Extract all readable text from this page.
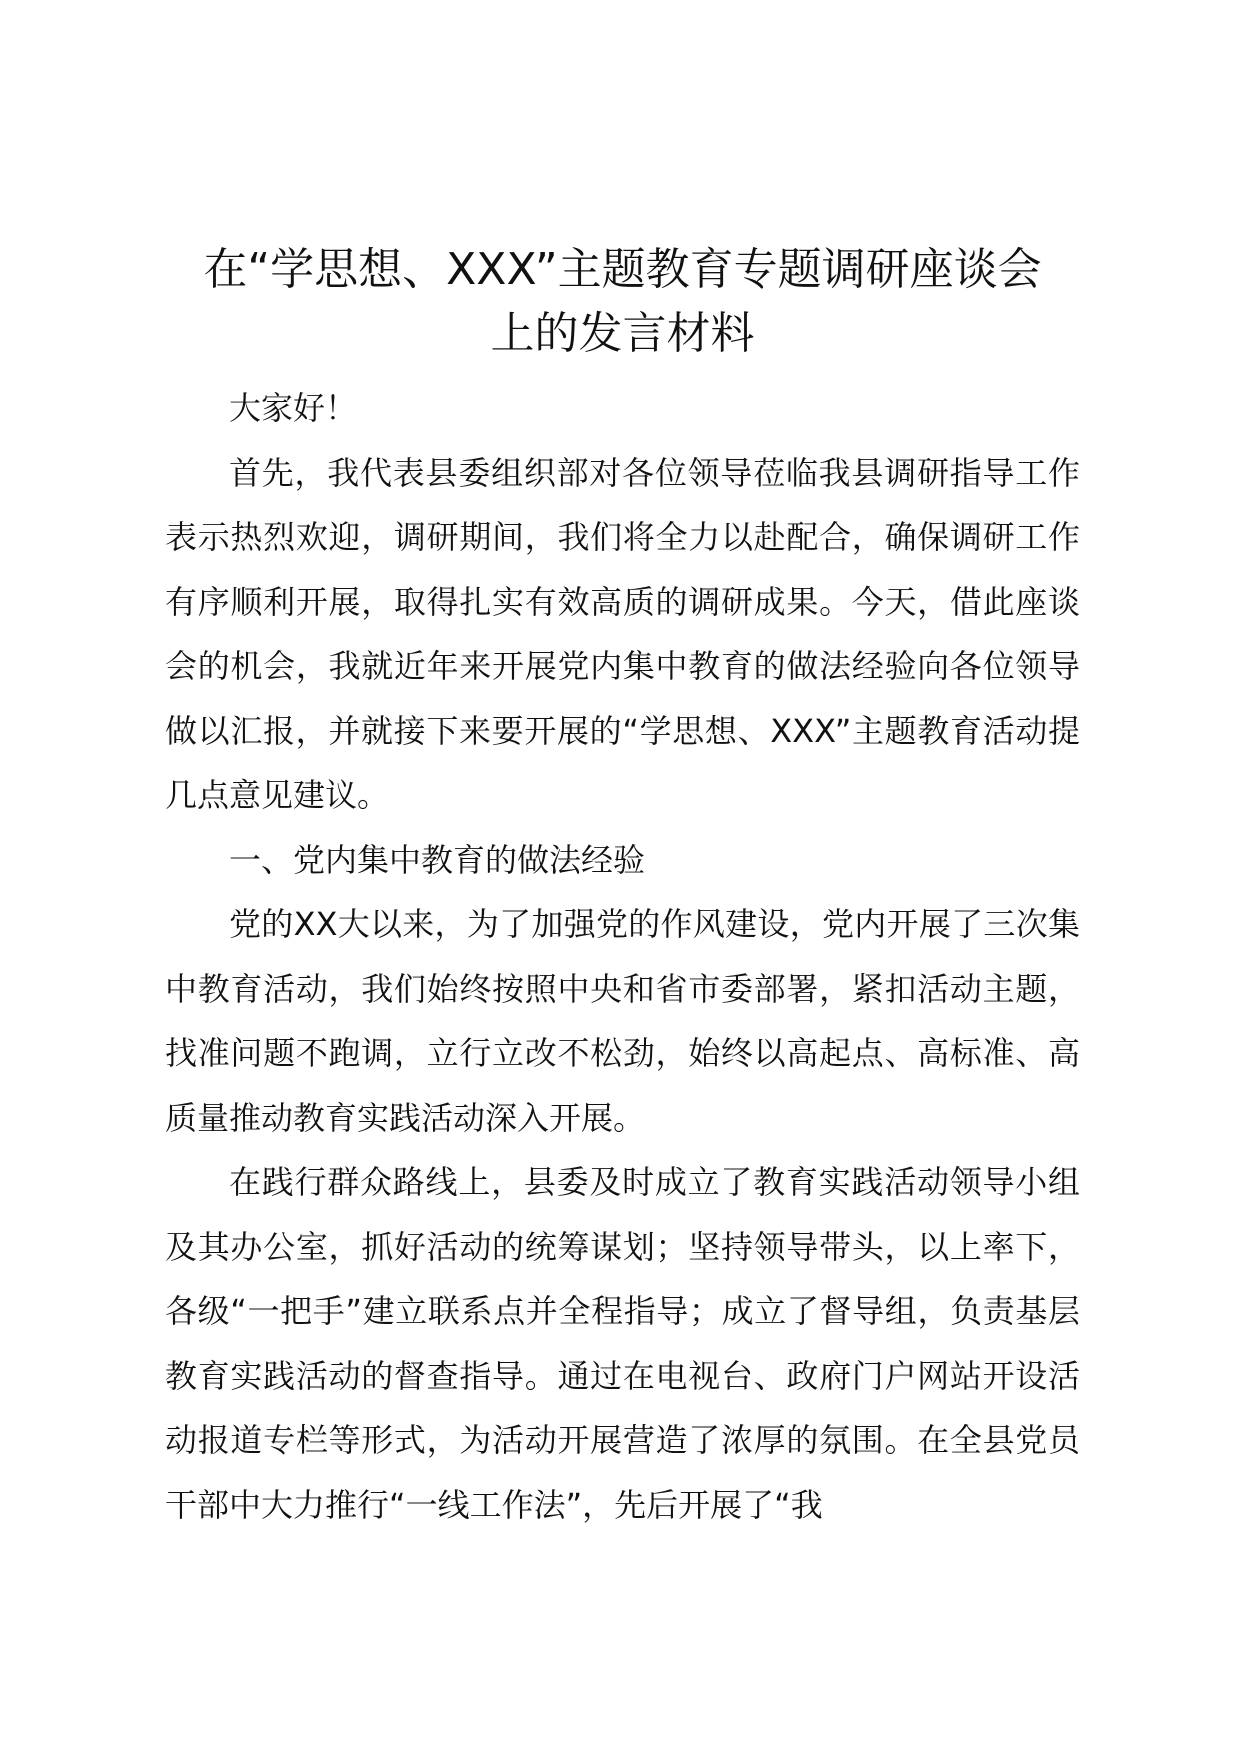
在“学思想、XXX”主题教育专题调研座谈会
上的发言材料

大家好！

首先，我代表县委组织部对各位领导莅临我县调研指导工作表示热烈欢迎，调研期间，我们将全力以赴配合，确保调研工作有序顺利开展，取得扎实有效高质的调研成果。今天，借此座谈会的机会，我就近年来开展党内集中教育的做法经验向各位领导做以汇报，并就接下来要开展的“学思想、XXX”主题教育活动提几点意见建议。

一、党内集中教育的做法经验

党的XX大以来，为了加强党的作风建设，党内开展了三次集中教育活动，我们始终按照中央和省市委部署，紧扣活动主题，找准问题不跑调，立行立改不松劲，始终以高起点、高标准、高质量推动教育实践活动深入开展。

在践行群众路线上，县委及时成立了教育实践活动领导小组及其办公室，抓好活动的统筹谋划；坚持领导带头，以上率下，各级“一把手”建立联系点并全程指导；成立了督导组，负责基层教育实践活动的督查指导。通过在电视台、政府门户网站开设活动报道专栏等形式，为活动开展营造了浓厚的氛围。在全县党员干部中大力推行“一线工作法”，先后开展了“我
